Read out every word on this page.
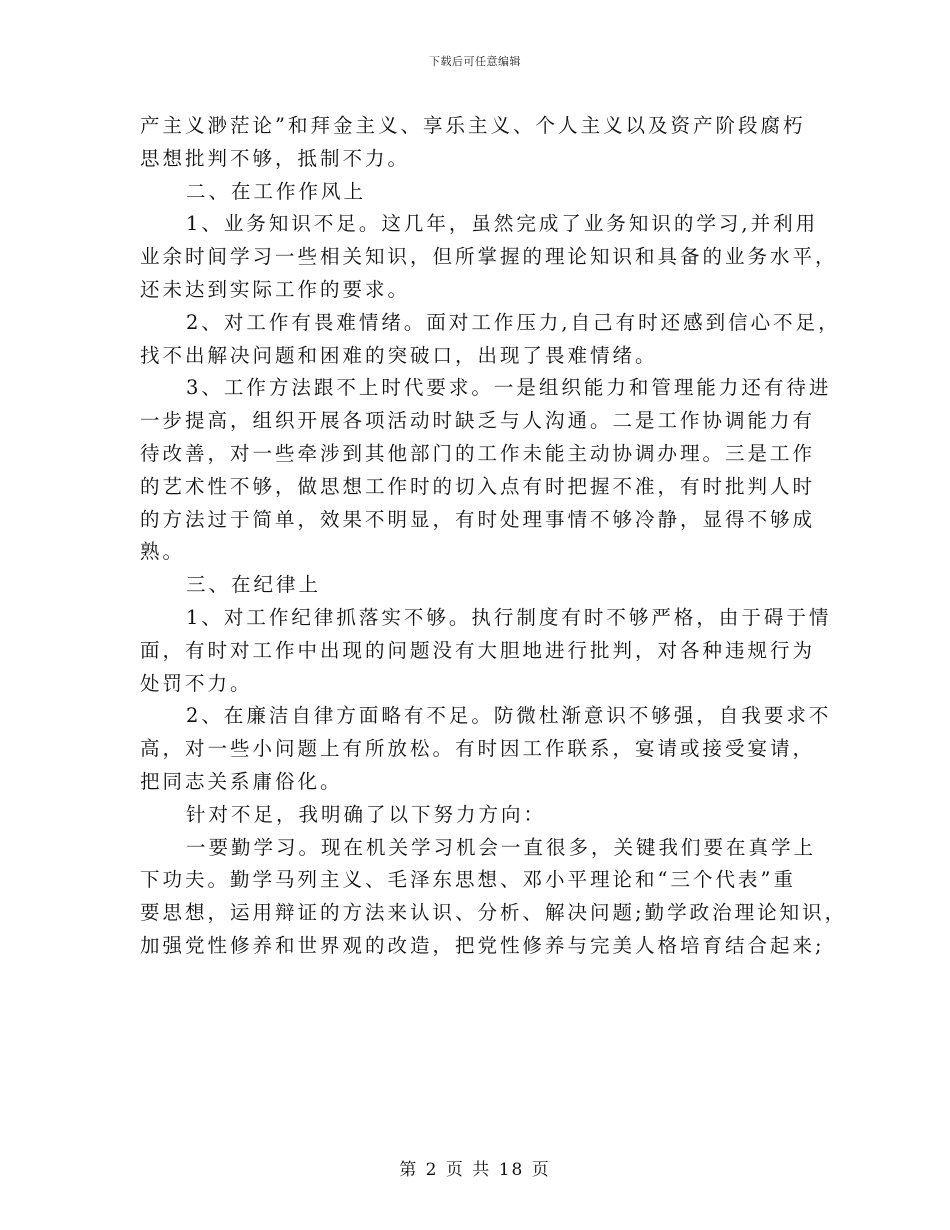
下载后可任意编辑
产主义渺茫论”和拜金主义、享乐主义、个人主义以及资产阶段腐朽
思想批判不够，抵制不力。
二、在工作作风上
1、业务知识不足。这几年，虽然完成了业务知识的学习,并利用
业余时间学习一些相关知识，但所掌握的理论知识和具备的业务水平，
还未达到实际工作的要求。
2、对工作有畏难情绪。面对工作压力,自己有时还感到信心不足，
找不出解决问题和困难的突破口，出现了畏难情绪。
3、工作方法跟不上时代要求。一是组织能力和管理能力还有待进
一步提高，组织开展各项活动时缺乏与人沟通。二是工作协调能力有
待改善，对一些牵涉到其他部门的工作未能主动协调办理。三是工作
的艺术性不够，做思想工作时的切入点有时把握不准，有时批判人时
的方法过于简单，效果不明显，有时处理事情不够冷静，显得不够成
熟。
三、在纪律上
1、对工作纪律抓落实不够。执行制度有时不够严格，由于碍于情
面，有时对工作中出现的问题没有大胆地进行批判，对各种违规行为
处罚不力。
2、在廉洁自律方面略有不足。防微杜渐意识不够强，自我要求不
高，对一些小问题上有所放松。有时因工作联系，宴请或接受宴请，
把同志关系庸俗化。
针对不足，我明确了以下努力方向：
一要勤学习。现在机关学习机会一直很多，关键我们要在真学上
下功夫。勤学马列主义、毛泽东思想、邓小平理论和“三个代表”重
要思想，运用辩证的方法来认识、分析、解决问题;勤学政治理论知识，
加强党性修养和世界观的改造，把党性修养与完美人格培育结合起来;
第 2 页 共 18 页
